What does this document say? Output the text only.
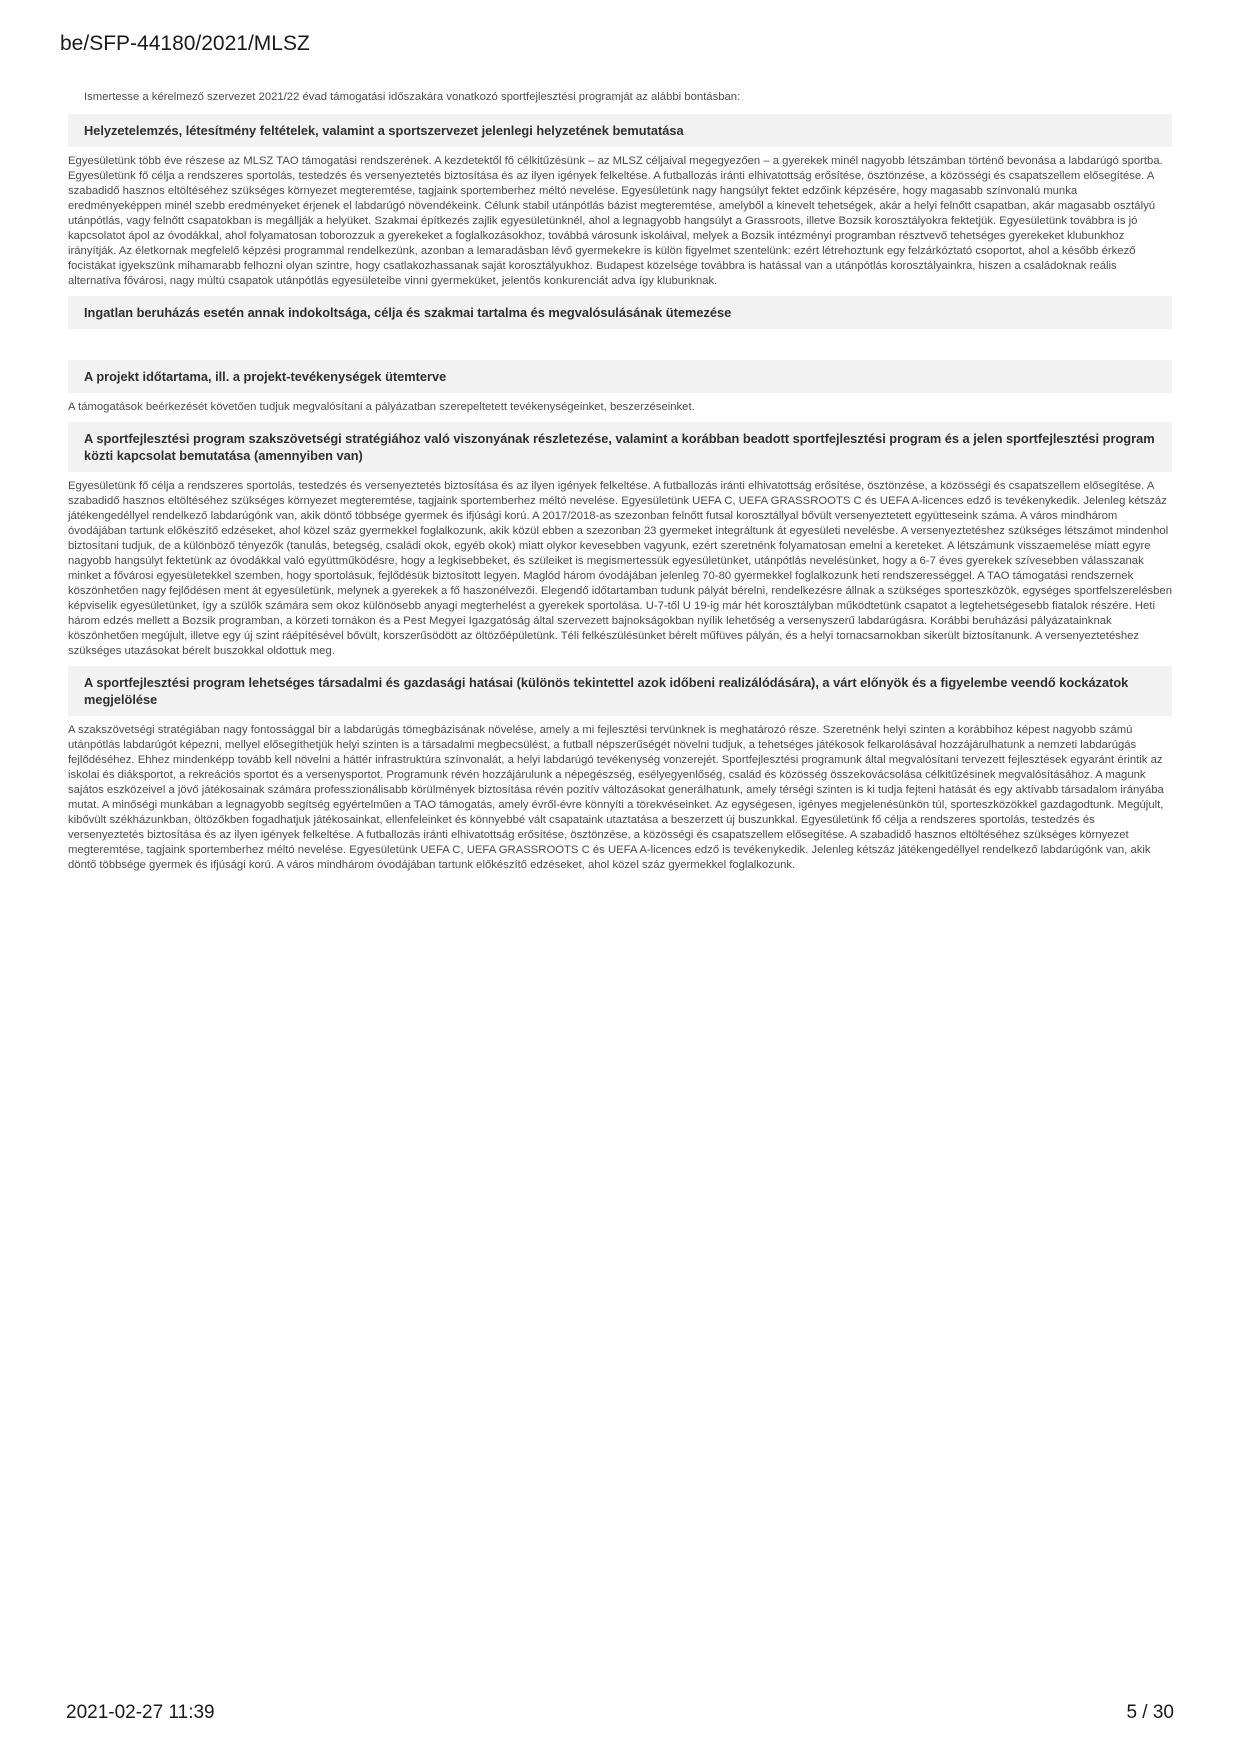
be/SFP-44180/2021/MLSZ

Ismertesse a kérelmező szervezet 2021/22 évad támogatási időszakára vonatkozó sportfejlesztési programját az alábbi bontásban:

Helyzetelemzés, létesítmény feltételek, valamint a sportszervezet jelenlegi helyzetének bemutatása

Egyesületünk több éve részese az MLSZ TAO támogatási rendszerének. A kezdetektől fő célkitűzésünk – az MLSZ céljaival megegyezően – a gyerekek minél nagyobb létszámban történő bevonása a labdarúgó sportba. Egyesületünk fő célja a rendszeres sportolás, testedzés és versenyeztetés biztosítása és az ilyen igények felkeltése. A futballozás iránti elhivatottság erősítése, ösztönzése, a közösségi és csapatszellem elősegítése. A szabadidő hasznos eltöltéséhez szükséges környezet megteremtése, tagjaink sportemberhez méltó nevelése. Egyesületünk nagy hangsúlyt fektet edzőink képzésére, hogy magasabb színvonalú munka eredményeképpen minél szebb eredményeket érjenek el labdarúgó növendékeink. Célunk stabil utánpótlás bázist megteremtése, amelyből a kinevelt tehetségek, akár a helyi felnőtt csapatban, akár magasabb osztályú utánpótlás, vagy felnőtt csapatokban is megállják a helyüket. Szakmai építkezés zajlik egyesületünknél, ahol a legnagyobb hangsúlyt a Grassroots, illetve Bozsik korosztályokra fektetjük. Egyesületünk továbbra is jó kapcsolatot ápol az óvodákkal, ahol folyamatosan toborozzuk a gyerekeket a foglalkozásokhoz, továbbá városunk iskoláival, melyek a Bozsik intézményi programban résztvevő tehetséges gyerekeket klubunkhoz irányítják. Az életkornak megfelelő képzési programmal rendelkezünk, azonban a lemaradásban lévő gyermekekre is külön figyelmet szentelünk: ezért létrehoztunk egy felzárkóztató csoportot, ahol a később érkező focistákat igyekszünk mihamarabb felhozni olyan szintre, hogy csatlakozhassanak saját korosztályukhoz. Budapest közelsége továbbra is hatással van a utánpótlás korosztályainkra, hiszen a családoknak reális alternatíva fővárosi, nagy múltú csapatok utánpótlás egyesületeibe vinni gyermeküket, jelentős konkurenciát adva így klubunknak.

Ingatlan beruházás esetén annak indokoltsága, célja és szakmai tartalma és megvalósulásának ütemezése
A projekt időtartama, ill. a projekt-tevékenységek ütemterve

A támogatások beérkezését követően tudjuk megvalósítani a pályázatban szerepeltetett tevékenységeinket, beszerzéseinket.

A sportfejlesztési program szakszövetségi stratégiához való viszonyának részletezése, valamint a korábban beadott sportfejlesztési program és a jelen sportfejlesztési program közti kapcsolat bemutatása (amennyiben van)

Egyesületünk fő célja a rendszeres sportolás, testedzés és versenyeztetés biztosítása és az ilyen igények felkeltése. A futballozás iránti elhivatottság erősítése, ösztönzése, a közösségi és csapatszellem elősegítése. A szabadidő hasznos eltöltéséhez szükséges környezet megteremtése, tagjaink sportemberhez méltó nevelése. Egyesületünk UEFA C, UEFA GRASSROOTS C és UEFA A-licences edző is tevékenykedik. Jelenleg kétszáz játékengedéllyel rendelkező labdarúgónk van, akik döntő többsége gyermek és ifjúsági korú. A 2017/2018-as szezonban felnőtt futsal korosztállyal bővült versenyeztetett együtteseink száma. A város mindhárom óvodájában tartunk előkészítő edzéseket, ahol közel száz gyermekkel foglalkozunk, akik közül ebben a szezonban 23 gyermeket integráltunk át egyesületi nevelésbe. A versenyeztetéshez szükséges létszámot mindenhol biztosítani tudjuk, de a különböző tényezők (tanulás, betegség, családi okok, egyéb okok) miatt olykor kevesebben vagyunk, ezért szeretnénk folyamatosan emelni a kereteket. A létszámunk visszaemelése miatt egyre nagyobb hangsúlyt fektetünk az óvodákkal való együttműködésre, hogy a legkisebbeket, és szüleiket is megismertessük egyesületünket, utánpótlás nevelésünket, hogy a 6-7 éves gyerekek szívesebben válasszanak minket a fővárosi egyesületekkel szemben, hogy sportolásuk, fejlődésük biztosított legyen. Maglód három óvodájában jelenleg 70-80 gyermekkel foglalkozunk heti rendszerességgel. A TAO támogatási rendszernek köszönhetően nagy fejlődésen ment át egyesületünk, melynek a gyerekek a fő haszonélvezői. Elegendő időtartamban tudunk pályát bérelni, rendelkezésre állnak a szükséges sporteszközök, egységes sportfelszerelésben képviselik egyesületünket, így a szülők számára sem okoz különösebb anyagi megterhelést a gyerekek sportolása. U-7-től U 19-ig már hét korosztályban működtetünk csapatot a legtehetségesebb fiatalok részére. Heti három edzés mellett a Bozsik programban, a körzeti tornákon és a Pest Megyei Igazgatóság által szervezett bajnokságokban nyílik lehetőség a versenyszerű labdarúgásra. Korábbi beruházási pályázatainknak köszönhetően megújult, illetve egy új szint ráépítésével bővült, korszerűsödött az öltözőépületünk. Téli felkészülésünket bérelt műfüves pályán, és a helyi tornacsarnokban sikerült biztosítanunk. A versenyeztetéshez szükséges utazásokat bérelt buszokkal oldottuk meg.

A sportfejlesztési program lehetséges társadalmi és gazdasági hatásai (különös tekintettel azok időbeni realizálódására), a várt előnyök és a figyelembe veendő kockázatok megjelölése

A szakszövetségi stratégiában nagy fontossággal bír a labdarúgás tömegbázisának növelése, amely a mi fejlesztési tervünknek is meghatározó része. Szeretnénk helyi szinten a korábbihoz képest nagyobb számú utánpótlás labdarúgót képezni, mellyel elősegíthetjük helyi szinten is a társadalmi megbecsülést, a futball népszerűségét növelni tudjuk, a tehetséges játékosok felkarolásával hozzájárulhatunk a nemzeti labdarúgás fejlődéséhez. Ehhez mindenképp tovább kell növelni a háttér infrastruktúra színvonalát, a helyi labdarúgó tevékenység vonzerejét. Sportfejlesztési programunk által megvalósítani tervezett fejlesztések egyaránt érintik az iskolai és diáksportot, a rekreációs sportot és a versenysportot. Programunk révén hozzájárulunk a népegészség, esélyegyenlőség, család és közösség összekovácsolása célkitűzésinek megvalósításához. A magunk sajátos eszközeivel a jövő játékosainak számára professzionálisabb körülmények biztosítása révén pozitív változásokat generálhatunk, amely térségi szinten is ki tudja fejteni hatását és egy aktívabb társadalom irányába mutat. A minőségi munkában a legnagyobb segítség egyértelműen a TAO támogatás, amely évről-évre könnyíti a törekvéseinket. Az egységesen, igényes megjelenésünkön túl, sporteszközökkel gazdagodtunk. Megújult, kibővült székházunkban, öltözőkben fogadhatjuk játékosainkat, ellenfeleinket és könnyebbé vált csapataink utaztatása a beszerzett új buszunkkal. Egyesületünk fő célja a rendszeres sportolás, testedzés és versenyeztetés biztosítása és az ilyen igények felkeltése. A futballozás iránti elhivatottság erősítése, ösztönzése, a közösségi és csapatszellem elősegítése. A szabadidő hasznos eltöltéséhez szükséges környezet megteremtése, tagjaink sportemberhez méltó nevelése. Egyesületünk UEFA C, UEFA GRASSROOTS C és UEFA A-licences edző is tevékenykedik. Jelenleg kétszáz játékengedéllyel rendelkező labdarúgónk van, akik döntő többsége gyermek és ifjúsági korú. A város mindhárom óvodájában tartunk előkészítő edzéseket, ahol közel száz gyermekkel foglalkozunk.

2021-02-27 11:39	5 / 30
